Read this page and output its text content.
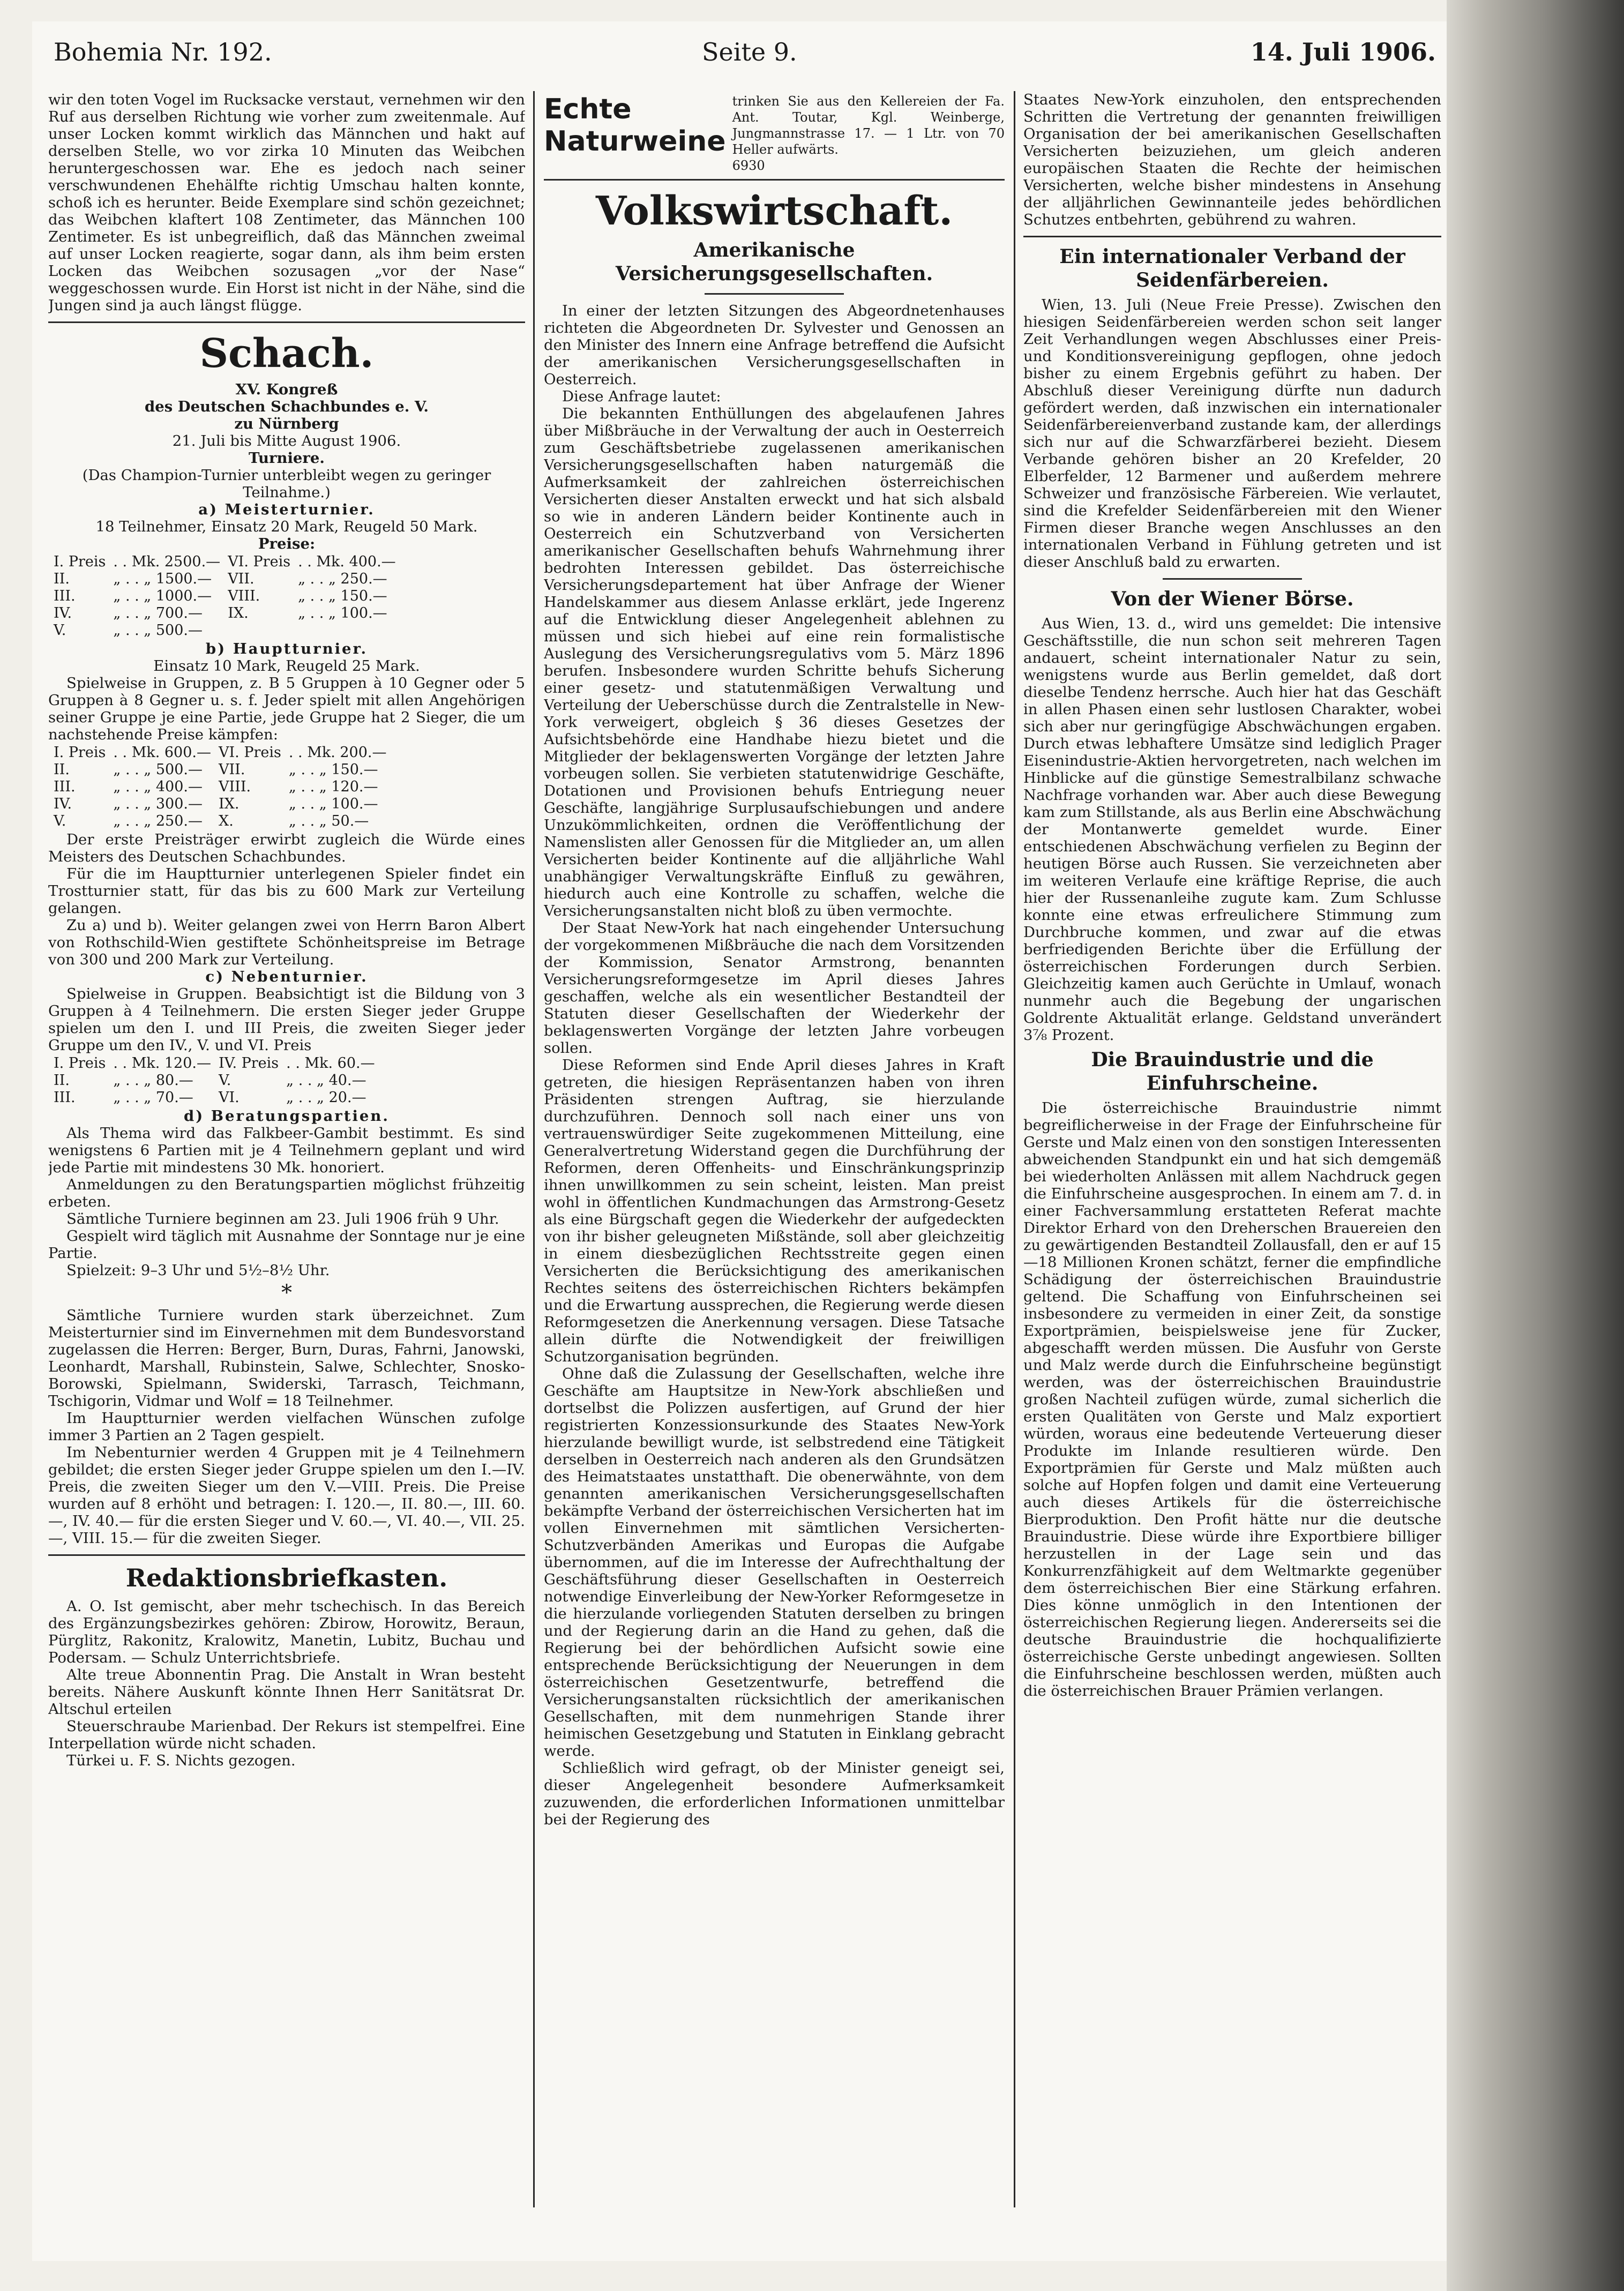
Bohemia Nr. 192.	Seite 9.	14. Juli 1906.

wir den toten Vogel im Rucksacke verstaut, vernehmen wir den Ruf aus derselben Richtung wie vorher zum zweitenmale. Auf unser Locken kommt wirklich das Männchen und hakt auf derselben Stelle, wo vor zirka 10 Minuten das Weibchen heruntergeschossen war. Ehe es jedoch nach seiner verschwundenen Ehehälfte richtig Umschau halten konnte, schoß ich es herunter. Beide Exemplare sind schön gezeichnet; das Weibchen klaftert 108 Zentimeter, das Männchen 100 Zentimeter. Es ist unbegreiflich, daß das Männchen zweimal auf unser Locken reagierte, sogar dann, als ihm beim ersten Locken das Weibchen sozusagen „vor der Nase“ weggeschossen wurde. Ein Horst ist nicht in der Nähe, sind die Jungen sind ja auch längst flügge.

Schach.
XV. Kongreß
des Deutschen Schachbundes e. V.
zu Nürnberg
21. Juli bis Mitte August 1906.
Turniere.
(Das Champion-Turnier unterbleibt wegen zu geringer Teilnahme.)
a) Meisterturnier.
18 Teilnehmer, Einsatz 20 Mark, Reugeld 50 Mark.
Preise:
I. Preis	. . Mk. 2500.—	VI. Preis	. . Mk. 400.—
II.	„ . . „ 1500.—	VII.	„ . . „ 250.—
III.	„ . . „ 1000.—	VIII.	„ . . „ 150.—
IV.	„ . . „ 700.—	IX.	„ . . „ 100.—
V.	„ . . „ 500.—		
b) Hauptturnier.
Einsatz 10 Mark, Reugeld 25 Mark.

Spielweise in Gruppen, z. B 5 Gruppen à 10 Gegner oder 5 Gruppen à 8 Gegner u. s. f. Jeder spielt mit allen Angehörigen seiner Gruppe je eine Partie, jede Gruppe hat 2 Sieger, die um nachstehende Preise kämpfen:

I. Preis	. . Mk. 600.—	VI. Preis	. . Mk. 200.—
II.	„ . . „ 500.—	VII.	„ . . „ 150.—
III.	„ . . „ 400.—	VIII.	„ . . „ 120.—
IV.	„ . . „ 300.—	IX.	„ . . „ 100.—
V.	„ . . „ 250.—	X.	„ . . „ 50.—

Der erste Preisträger erwirbt zugleich die Würde eines Meisters des Deutschen Schachbundes.

Für die im Hauptturnier unterlegenen Spieler findet ein Trostturnier statt, für das bis zu 600 Mark zur Verteilung gelangen.

Zu a) und b). Weiter gelangen zwei von Herrn Baron Albert von Rothschild-Wien gestiftete Schönheitspreise im Betrage von 300 und 200 Mark zur Verteilung.

c) Nebenturnier.

Spielweise in Gruppen. Beabsichtigt ist die Bildung von 3 Gruppen à 4 Teilnehmern. Die ersten Sieger jeder Gruppe spielen um den I. und III Preis, die zweiten Sieger jeder Gruppe um den IV., V. und VI. Preis

I. Preis	. . Mk. 120.—	IV. Preis	. . Mk. 60.—
II.	„ . . „ 80.—	V.	„ . . „ 40.—
III.	„ . . „ 70.—	VI.	„ . . „ 20.—
d) Beratungspartien.

Als Thema wird das Falkbeer-Gambit bestimmt. Es sind wenigstens 6 Partien mit je 4 Teilnehmern geplant und wird jede Partie mit mindestens 30 Mk. honoriert.

Anmeldungen zu den Beratungspartien möglichst frühzeitig erbeten.

Sämtliche Turniere beginnen am 23. Juli 1906 früh 9 Uhr.

Gespielt wird täglich mit Ausnahme der Sonntage nur je eine Partie.

Spielzeit: 9–3 Uhr und 5½–8½ Uhr.

*

Sämtliche Turniere wurden stark überzeichnet. Zum Meisterturnier sind im Einvernehmen mit dem Bundesvorstand zugelassen die Herren: Berger, Burn, Duras, Fahrni, Janowski, Leonhardt, Marshall, Rubinstein, Salwe, Schlechter, Snosko-Borowski, Spielmann, Swiderski, Tarrasch, Teichmann, Tschigorin, Vidmar und Wolf = 18 Teilnehmer.

Im Hauptturnier werden vielfachen Wünschen zufolge immer 3 Partien an 2 Tagen gespielt.

Im Nebenturnier werden 4 Gruppen mit je 4 Teilnehmern gebildet; die ersten Sieger jeder Gruppe spielen um den I.—IV. Preis, die zweiten Sieger um den V.—VIII. Preis. Die Preise wurden auf 8 erhöht und betragen: I. 120.—, II. 80.—, III. 60.—, IV. 40.— für die ersten Sieger und V. 60.—, VI. 40.—, VII. 25.—, VIII. 15.— für die zweiten Sieger.

Redaktionsbriefkasten.

A. O. Ist gemischt, aber mehr tschechisch. In das Bereich des Ergänzungsbezirkes gehören: Zbirow, Horowitz, Beraun, Pürglitz, Rakonitz, Kralowitz, Manetin, Lubitz, Buchau und Podersam. — Schulz Unterrichtsbriefe.

Alte treue Abonnentin Prag. Die Anstalt in Wran besteht bereits. Nähere Auskunft könnte Ihnen Herr Sanitätsrat Dr. Altschul erteilen

Steuerschraube Marienbad. Der Rekurs ist stempelfrei. Eine Interpellation würde nicht schaden.

Türkei u. F. S. Nichts gezogen.

Echte Naturweine
trinken Sie aus den Kellereien der Fa. Ant. Toutar, Kgl. Weinberge, Jungmannstrasse 17. — 1 Ltr. von 70 Heller aufwärts.
6930
Volkswirtschaft.
Amerikanische Versicherungsgesellschaften.

In einer der letzten Sitzungen des Abgeordnetenhauses richteten die Abgeordneten Dr. Sylvester und Genossen an den Minister des Innern eine Anfrage betreffend die Aufsicht der amerikanischen Versicherungsgesellschaften in Oesterreich.

Diese Anfrage lautet:

Die bekannten Enthüllungen des abgelaufenen Jahres über Mißbräuche in der Verwaltung der auch in Oesterreich zum Geschäftsbetriebe zugelassenen amerikanischen Versicherungsgesellschaften haben naturgemäß die Aufmerksamkeit der zahlreichen österreichischen Versicherten dieser Anstalten erweckt und hat sich alsbald so wie in anderen Ländern beider Kontinente auch in Oesterreich ein Schutzverband von Versicherten amerikanischer Gesellschaften behufs Wahrnehmung ihrer bedrohten Interessen gebildet. Das österreichische Versicherungsdepartement hat über Anfrage der Wiener Handelskammer aus diesem Anlasse erklärt, jede Ingerenz auf die Entwicklung dieser Angelegenheit ablehnen zu müssen und sich hiebei auf eine rein formalistische Auslegung des Versicherungsregulativs vom 5. März 1896 berufen. Insbesondere wurden Schritte behufs Sicherung einer gesetz- und statutenmäßigen Verwaltung und Verteilung der Ueberschüsse durch die Zentralstelle in New-York verweigert, obgleich § 36 dieses Gesetzes der Aufsichtsbehörde eine Handhabe hiezu bietet und die Mitglieder der beklagenswerten Vorgänge der letzten Jahre vorbeugen sollen. Sie verbieten statutenwidrige Geschäfte, Dotationen und Provisionen behufs Entriegung neuer Geschäfte, langjährige Surplusaufschiebungen und andere Unzukömmlichkeiten, ordnen die Veröffentlichung der Namenslisten aller Genossen für die Mitglieder an, um allen Versicherten beider Kontinente auf die alljährliche Wahl unabhängiger Verwaltungskräfte Einfluß zu gewähren, hiedurch auch eine Kontrolle zu schaffen, welche die Versicherungsanstalten nicht bloß zu üben vermochte.

Der Staat New-York hat nach eingehender Untersuchung der vorgekommenen Mißbräuche die nach dem Vorsitzenden der Kommission, Senator Armstrong, benannten Versicherungsreformgesetze im April dieses Jahres geschaffen, welche als ein wesentlicher Bestandteil der Statuten dieser Gesellschaften der Wiederkehr der beklagenswerten Vorgänge der letzten Jahre vorbeugen sollen.

Diese Reformen sind Ende April dieses Jahres in Kraft getreten, die hiesigen Repräsentanzen haben von ihren Präsidenten strengen Auftrag, sie hierzulande durchzuführen. Dennoch soll nach einer uns von vertrauenswürdiger Seite zugekommenen Mitteilung, eine Generalvertretung Widerstand gegen die Durchführung der Reformen, deren Offenheits- und Einschränkungsprinzip ihnen unwillkommen zu sein scheint, leisten. Man preist wohl in öffentlichen Kundmachungen das Armstrong-Gesetz als eine Bürgschaft gegen die Wiederkehr der aufgedeckten von ihr bisher geleugneten Mißstände, soll aber gleichzeitig in einem diesbezüglichen Rechtsstreite gegen einen Versicherten die Berücksichtigung des amerikanischen Rechtes seitens des österreichischen Richters bekämpfen und die Erwartung aussprechen, die Regierung werde diesen Reformgesetzen die Anerkennung versagen. Diese Tatsache allein dürfte die Notwendigkeit der freiwilligen Schutzorganisation begründen.

Ohne daß die Zulassung der Gesellschaften, welche ihre Geschäfte am Hauptsitze in New-York abschließen und dortselbst die Polizzen ausfertigen, auf Grund der hier registrierten Konzessionsurkunde des Staates New-York hierzulande bewilligt wurde, ist selbstredend eine Tätigkeit derselben in Oesterreich nach anderen als den Grundsätzen des Heimatstaates unstatthaft. Die obenerwähnte, von dem genannten amerikanischen Versicherungsgesellschaften bekämpfte Verband der österreichischen Versicherten hat im vollen Einvernehmen mit sämtlichen Versicherten-Schutzverbänden Amerikas und Europas die Aufgabe übernommen, auf die im Interesse der Aufrechthaltung der Geschäftsführung dieser Gesellschaften in Oesterreich notwendige Einverleibung der New-Yorker Reformgesetze in die hierzulande vorliegenden Statuten derselben zu bringen und der Regierung darin an die Hand zu gehen, daß die Regierung bei der behördlichen Aufsicht sowie eine entsprechende Berücksichtigung der Neuerungen in dem österreichischen Gesetzentwurfe, betreffend die Versicherungsanstalten rücksichtlich der amerikanischen Gesellschaften, mit dem nunmehrigen Stande ihrer heimischen Gesetzgebung und Statuten in Einklang gebracht werde.

Schließlich wird gefragt, ob der Minister geneigt sei, dieser Angelegenheit besondere Aufmerksamkeit zuzuwenden, die erforderlichen Informationen unmittelbar bei der Regierung des

Staates New-York einzuholen, den entsprechenden Schritten die Vertretung der genannten freiwilligen Organisation der bei amerikanischen Gesellschaften Versicherten beizuziehen, um gleich anderen europäischen Staaten die Rechte der heimischen Versicherten, welche bisher mindestens in Ansehung der alljährlichen Gewinnanteile jedes behördlichen Schutzes entbehrten, gebührend zu wahren.

Ein internationaler Verband der Seidenfärbereien.

Wien, 13. Juli (Neue Freie Presse). Zwischen den hiesigen Seidenfärbereien werden schon seit langer Zeit Verhandlungen wegen Abschlusses einer Preis- und Konditionsvereinigung gepflogen, ohne jedoch bisher zu einem Ergebnis geführt zu haben. Der Abschluß dieser Vereinigung dürfte nun dadurch gefördert werden, daß inzwischen ein internationaler Seidenfärbereienverband zustande kam, der allerdings sich nur auf die Schwarzfärberei bezieht. Diesem Verbande gehören bisher an 20 Krefelder, 20 Elberfelder, 12 Barmener und außerdem mehrere Schweizer und französische Färbereien. Wie verlautet, sind die Krefelder Seidenfärbereien mit den Wiener Firmen dieser Branche wegen Anschlusses an den internationalen Verband in Fühlung getreten und ist dieser Anschluß bald zu erwarten.

Von der Wiener Börse.

Aus Wien, 13. d., wird uns gemeldet: Die intensive Geschäftsstille, die nun schon seit mehreren Tagen andauert, scheint internationaler Natur zu sein, wenigstens wurde aus Berlin gemeldet, daß dort dieselbe Tendenz herrsche. Auch hier hat das Geschäft in allen Phasen einen sehr lustlosen Charakter, wobei sich aber nur geringfügige Abschwächungen ergaben. Durch etwas lebhaftere Umsätze sind lediglich Prager Eisenindustrie-Aktien hervorgetreten, nach welchen im Hinblicke auf die günstige Semestralbilanz schwache Nachfrage vorhanden war. Aber auch diese Bewegung kam zum Stillstande, als aus Berlin eine Abschwächung der Montanwerte gemeldet wurde. Einer entschiedenen Abschwächung verfielen zu Beginn der heutigen Börse auch Russen. Sie verzeichneten aber im weiteren Verlaufe eine kräftige Reprise, die auch hier der Russenanleihe zugute kam. Zum Schlusse konnte eine etwas erfreulichere Stimmung zum Durchbruche kommen, und zwar auf die etwas berfriedigenden Berichte über die Erfüllung der österreichischen Forderungen durch Serbien. Gleichzeitig kamen auch Gerüchte in Umlauf, wonach nunmehr auch die Begebung der ungarischen Goldrente Aktualität erlange. Geldstand unverändert 3⅞ Prozent.

Die Brauindustrie und die Einfuhrscheine.

Die österreichische Brauindustrie nimmt begreiflicherweise in der Frage der Einfuhrscheine für Gerste und Malz einen von den sonstigen Interessenten abweichenden Standpunkt ein und hat sich demgemäß bei wiederholten Anlässen mit allem Nachdruck gegen die Einfuhrscheine ausgesprochen. In einem am 7. d. in einer Fachversammlung erstatteten Referat machte Direktor Erhard von den Dreherschen Brauereien den zu gewärtigenden Bestandteil Zollausfall, den er auf 15—18 Millionen Kronen schätzt, ferner die empfindliche Schädigung der österreichischen Brauindustrie geltend. Die Schaffung von Einfuhrscheinen sei insbesondere zu vermeiden in einer Zeit, da sonstige Exportprämien, beispielsweise jene für Zucker, abgeschafft werden müssen. Die Ausfuhr von Gerste und Malz werde durch die Einfuhrscheine begünstigt werden, was der österreichischen Brauindustrie großen Nachteil zufügen würde, zumal sicherlich die ersten Qualitäten von Gerste und Malz exportiert würden, woraus eine bedeutende Verteuerung dieser Produkte im Inlande resultieren würde. Den Exportprämien für Gerste und Malz müßten auch solche auf Hopfen folgen und damit eine Verteuerung auch dieses Artikels für die österreichische Bierproduktion. Den Profit hätte nur die deutsche Brauindustrie. Diese würde ihre Exportbiere billiger herzustellen in der Lage sein und das Konkurrenzfähigkeit auf dem Weltmarkte gegenüber dem österreichischen Bier eine Stärkung erfahren. Dies könne unmöglich in den Intentionen der österreichischen Regierung liegen. Andererseits sei die deutsche Brauindustrie die hochqualifizierte österreichische Gerste unbedingt angewiesen. Sollten die Einfuhrscheine beschlossen werden, müßten auch die österreichischen Brauer Prämien verlangen.
